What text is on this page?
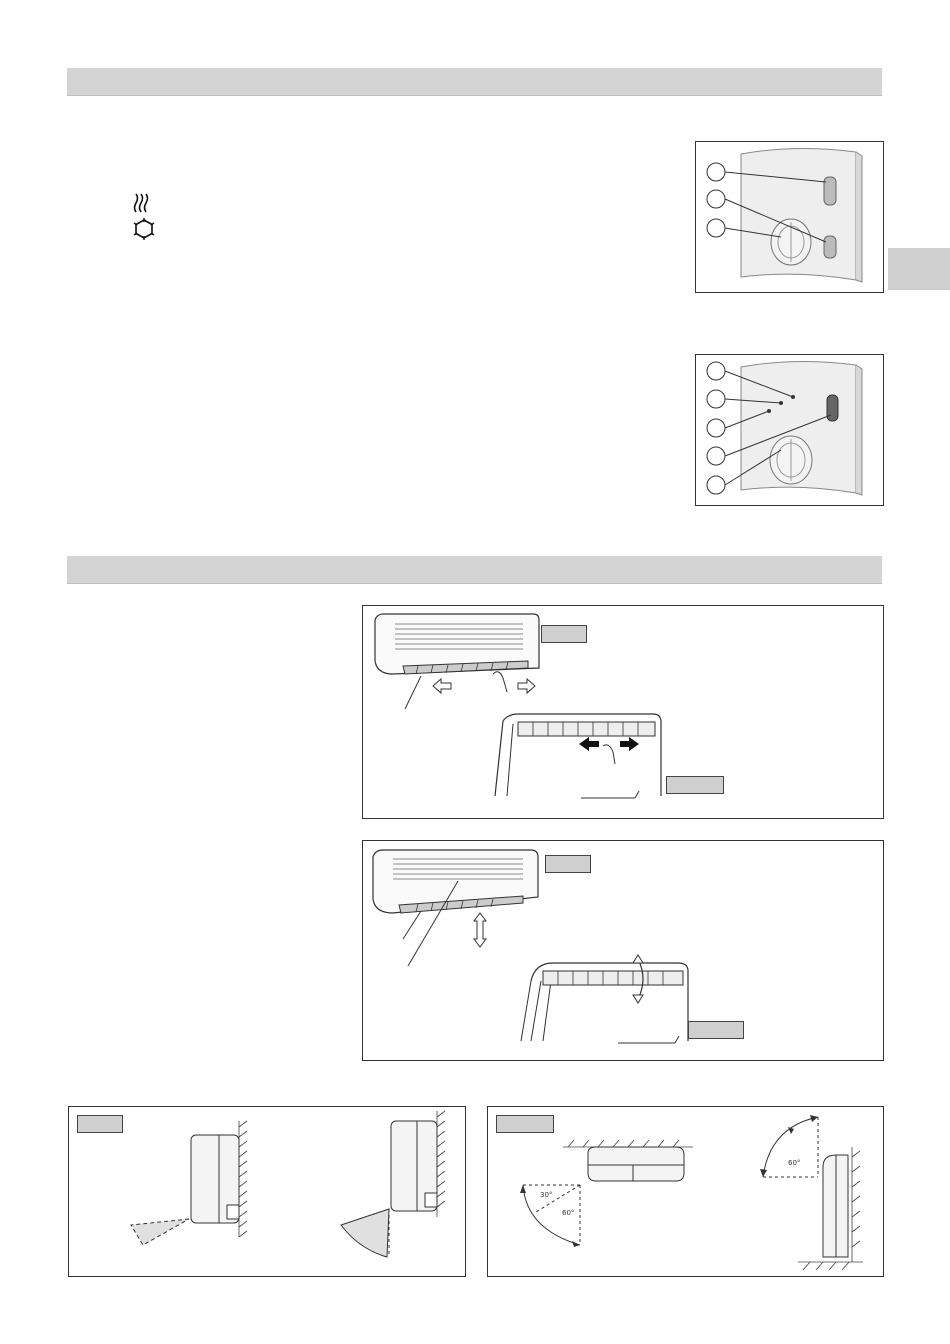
30°
60°
60°
